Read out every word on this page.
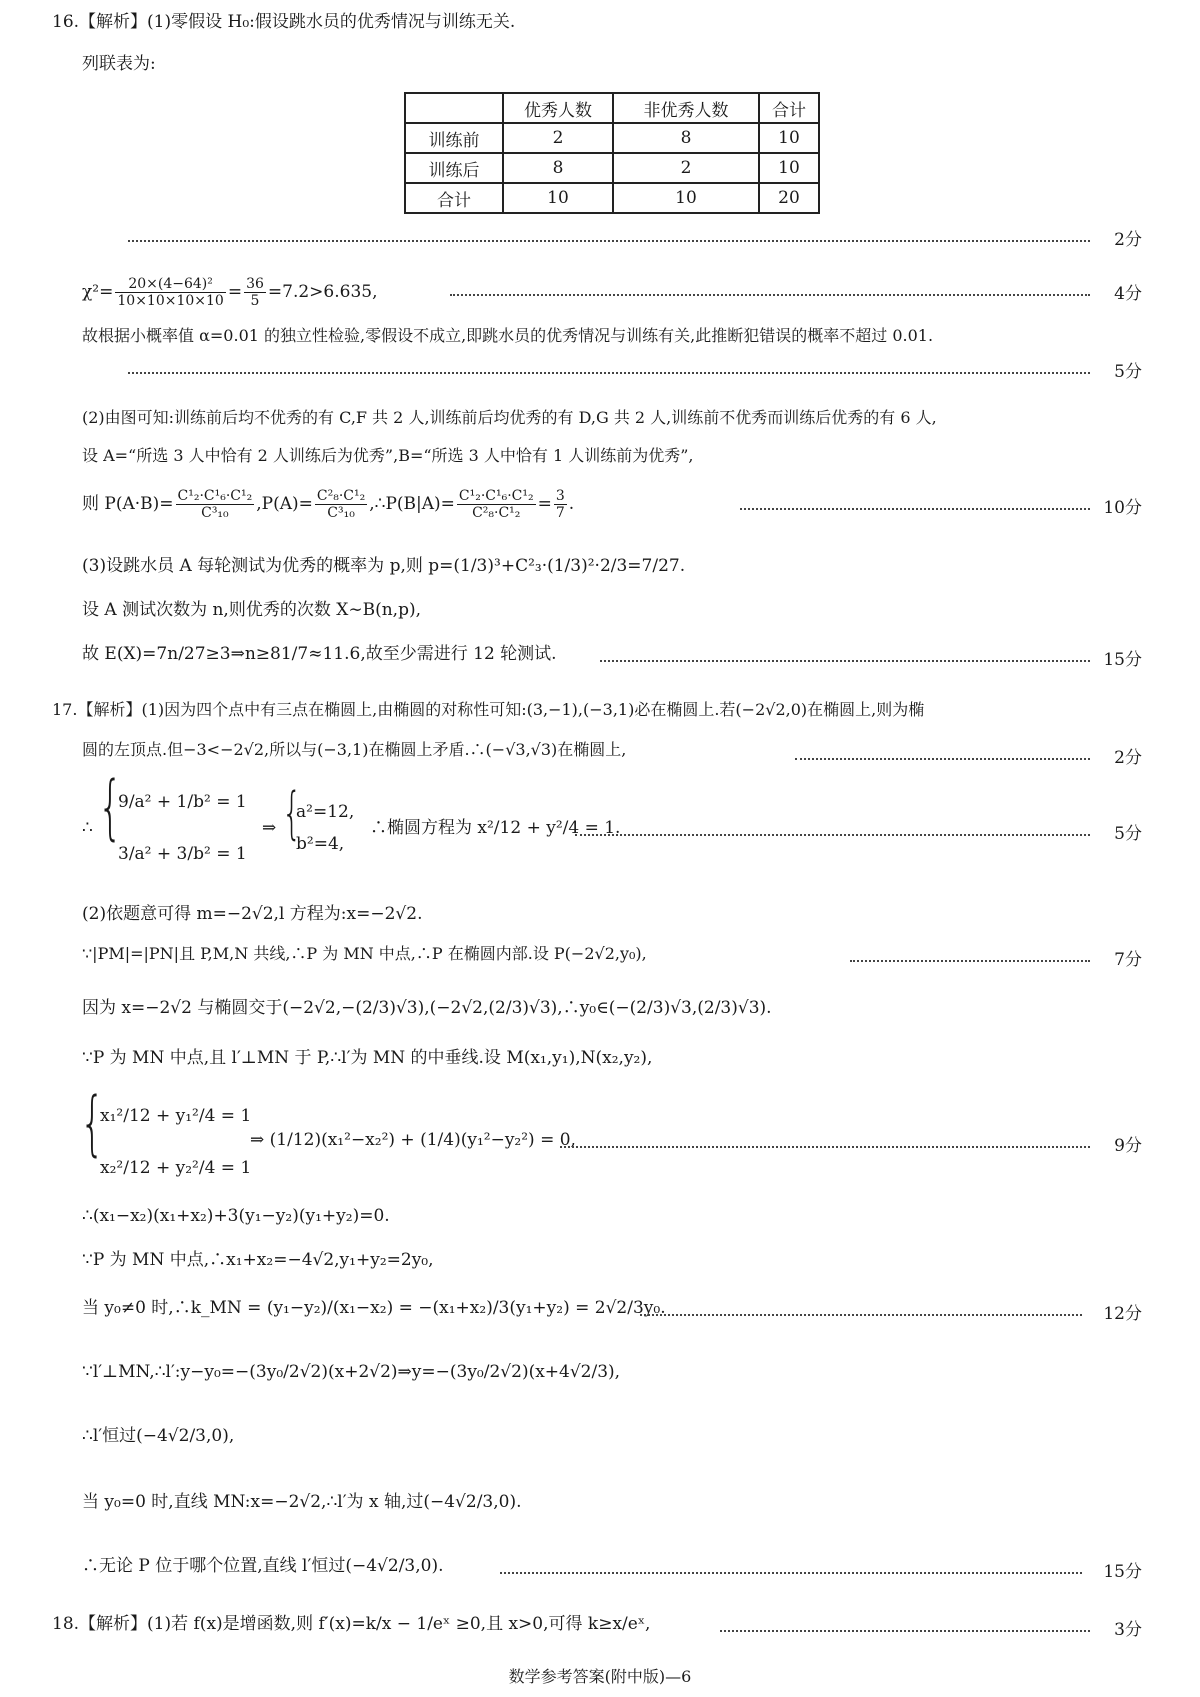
16.【解析】(1)零假设 H₀:假设跳水员的优秀情况与训练无关.
列联表为:
	优秀人数	非优秀人数	合计
训练前	2	8	10
训练后	8	2	10
合计	10	10	20
2分
$\chi^2= \frac{\text{20×(4−64)²}}{10\times 10\times 10\times 10} = \frac{36}{5} =7.2>6.635$,	4分
故根据小概率值 α=0.01 的独立性检验,零假设不成立,即跳水员的优秀情况与训练有关,此推断犯错误的概率不超过 0.01.
5分
(2)由图可知:训练前后均不优秀的有 C,F 共 2 人,训练前后均优秀的有 D,G 共 2 人,训练前不优秀而训练后优秀的有 6 人,
设 A=“所选 3 人中恰有 2 人训练后为优秀”,B=“所选 3 人中恰有 1 人训练前为优秀”,
则 $P(A\cdot B)= \frac{\text{C¹₂·C¹₆·C¹₂}}{\text{C³₁₀}} ,P(A)= \frac{\text{C²₈·C¹₂}}{\text{C³₁₀}}$ ,∴P(B|A)= $\frac{\text{C¹₂·C¹₆·C¹₂}}{\text{C²₈·C¹₂}} = \frac{3}{7}$ .	10分
(3)设跳水员 A 每轮测试为优秀的概率为 p,则 p=(1/3)³+C²₃·(1/3)²·2/3=7/27.
设 A 测试次数为 n,则优秀的次数 X∼B(n,p),
故 E(X)=7n/27≥3⇒n≥81/7≈11.6,故至少需进行 12 轮测试.	15分
17.【解析】(1)因为四个点中有三点在椭圆上,由椭圆的对称性可知:(3,−1),(−3,1)必在椭圆上.若(−2√2,0)在椭圆上,则为椭
圆的左顶点.但−3<−2√2,所以与(−3,1)在椭圆上矛盾.∴(−√3,√3)在椭圆上,	2分
∴ {
9/a² + 1/b² = 1
3/a² + 3/b² = 1
⇒ {
a²=12,
b²=4,
∴椭圆方程为 x²/12 + y²/4 = 1.	5分
(2)依题意可得 m=−2√2,l 方程为:x=−2√2.
∵|PM|=|PN|且 P,M,N 共线,∴P 为 MN 中点,∴P 在椭圆内部.设 P(−2√2,y₀),	7分
因为 x=−2√2 与椭圆交于(−2√2,−(2/3)√3),(−2√2,(2/3)√3),∴y₀∈(−(2/3)√3,(2/3)√3).
∵P 为 MN 中点,且 l′⊥MN 于 P,∴l′为 MN 的中垂线.设 M(x₁,y₁),N(x₂,y₂),
{
x₁²/12 + y₁²/4 = 1
x₂²/12 + y₂²/4 = 1
⇒ (1/12)(x₁²−x₂²) + (1/4)(y₁²−y₂²) = 0,	9分
∴(x₁−x₂)(x₁+x₂)+3(y₁−y₂)(y₁+y₂)=0.
∵P 为 MN 中点,∴x₁+x₂=−4√2,y₁+y₂=2y₀,
当 y₀≠0 时,∴k_MN = (y₁−y₂)/(x₁−x₂) = −(x₁+x₂)/3(y₁+y₂) = 2√2/3y₀.	12分
∵l′⊥MN,∴l′:y−y₀=−(3y₀/2√2)(x+2√2)⇒y=−(3y₀/2√2)(x+4√2/3),
∴l′恒过(−4√2/3,0),
当 y₀=0 时,直线 MN:x=−2√2,∴l′为 x 轴,过(−4√2/3,0).
∴无论 P 位于哪个位置,直线 l′恒过(−4√2/3,0).	15分
18.【解析】(1)若 f(x)是增函数,则 f′(x)=k/x − 1/eˣ ≥0,且 x>0,可得 k≥x/eˣ,	3分
数学参考答案(附中版)—6
